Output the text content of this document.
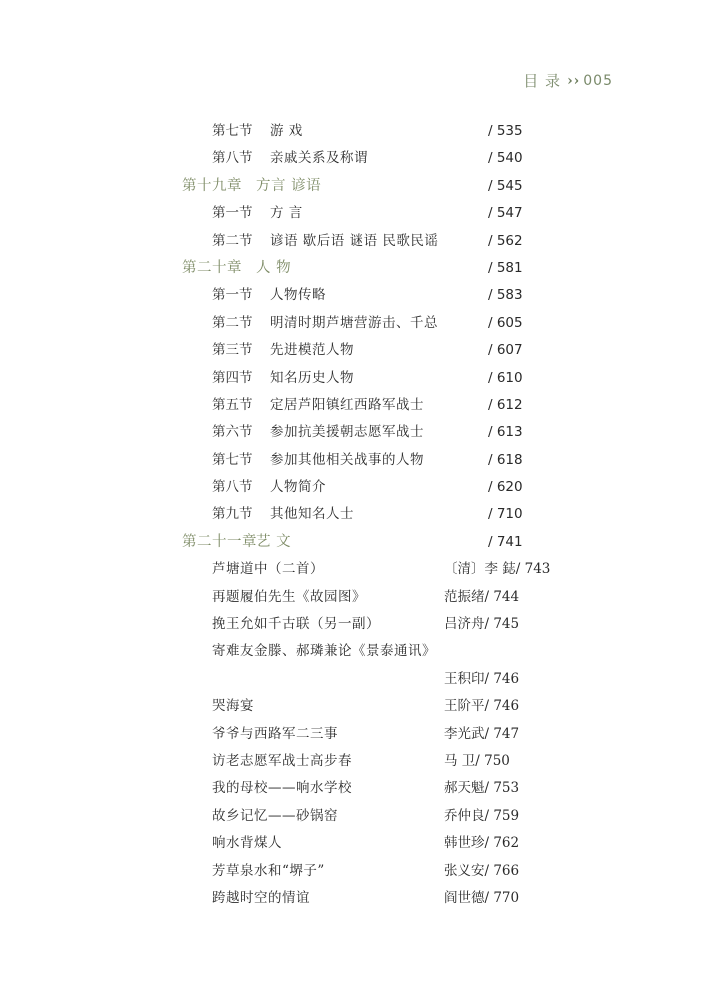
目 录 ›› 005
第七节 游 戏	/ 535
第八节 亲戚关系及称谓	/ 540
第十九章 方言 谚语	/ 545
第一节 方 言	/ 547
第二节 谚语 歇后语 谜语 民歌民谣	/ 562
第二十章 人 物	/ 581
第一节 人物传略	/ 583
第二节 明清时期芦塘营游击、千总	/ 605
第三节 先进模范人物	/ 607
第四节 知名历史人物	/ 610
第五节 定居芦阳镇红西路军战士	/ 612
第六节 参加抗美援朝志愿军战士	/ 613
第七节 参加其他相关战事的人物	/ 618
第八节 人物简介	/ 620
第九节 其他知名人士	/ 710
第二十一章 艺 文	/ 741
芦塘道中（二首）	〔清〕李 鋕/ 743
再题履伯先生《故园图》	范振绪/ 744
挽王允如千古联（另一副）	吕济舟/ 745
寄难友金滕、郝璘兼论《景泰通讯》
王积印/ 746
哭海宴	王阶平/ 746
爷爷与西路军二三事	李光武/ 747
访老志愿军战士高步春	马 卫/ 750
我的母校——响水学校	郝天魁/ 753
故乡记忆——砂锅窑	乔仲良/ 759
响水背煤人	韩世珍/ 762
芳草泉水和“堺子”	张义安/ 766
跨越时空的情谊	阎世德/ 770
